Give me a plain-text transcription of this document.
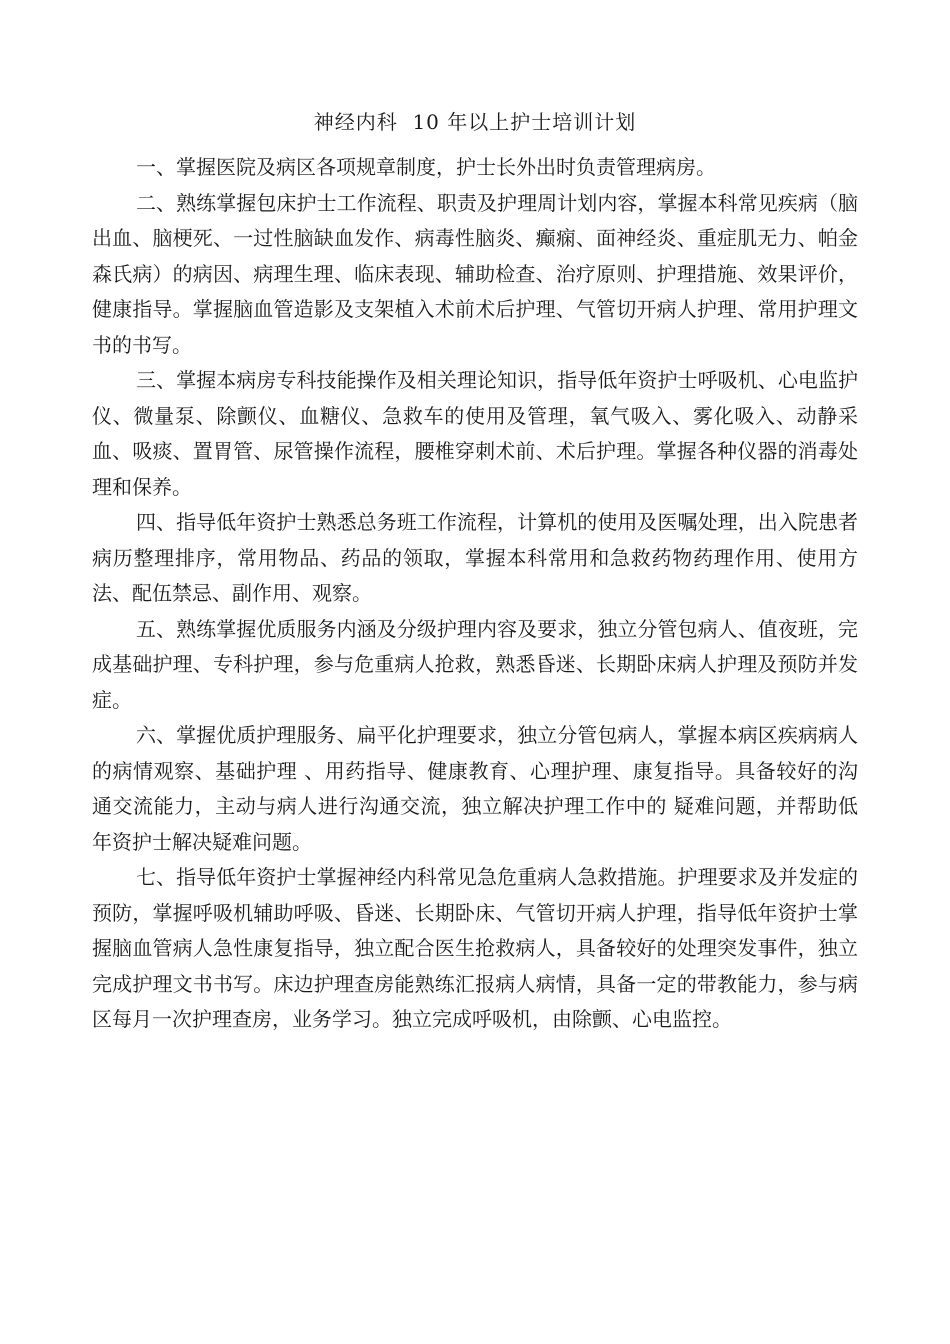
神经内科  10 年以上护士培训计划

一、掌握医院及病区各项规章制度，护士长外出时负责管理病房。

二、熟练掌握包床护士工作流程、职责及护理周计划内容，掌握本科常见疾病（脑出血、脑梗死、一过性脑缺血发作、病毒性脑炎、癫痫、面神经炎、重症肌无力、帕金森氏病）的病因、病理生理、临床表现、辅助检查、治疗原则、护理措施、效果评价，健康指导。掌握脑血管造影及支架植入术前术后护理、气管切开病人护理、常用护理文书的书写。

三、掌握本病房专科技能操作及相关理论知识，指导低年资护士呼吸机、心电监护仪、微量泵、除颤仪、血糖仪、急救车的使用及管理，氧气吸入、雾化吸入、动静采血、吸痰、置胃管、尿管操作流程，腰椎穿刺术前、术后护理。掌握各种仪器的消毒处理和保养。

四、指导低年资护士熟悉总务班工作流程，计算机的使用及医嘱处理，出入院患者病历整理排序，常用物品、药品的领取，掌握本科常用和急救药物药理作用、使用方法、配伍禁忌、副作用、观察。

五、熟练掌握优质服务内涵及分级护理内容及要求，独立分管包病人、值夜班，完成基础护理、专科护理，参与危重病人抢救，熟悉昏迷、长期卧床病人护理及预防并发症。

六、掌握优质护理服务、扁平化护理要求，独立分管包病人，掌握本病区疾病病人的病情观察、基础护理 、用药指导、健康教育、心理护理、康复指导。具备较好的沟通交流能力，主动与病人进行沟通交流，独立解决护理工作中的 疑难问题，并帮助低年资护士解决疑难问题。

七、指导低年资护士掌握神经内科常见急危重病人急救措施。护理要求及并发症的预防，掌握呼吸机辅助呼吸、昏迷、长期卧床、气管切开病人护理，指导低年资护士掌握脑血管病人急性康复指导，独立配合医生抢救病人，具备较好的处理突发事件，独立完成护理文书书写。床边护理查房能熟练汇报病人病情，具备一定的带教能力，参与病区每月一次护理查房，业务学习。独立完成呼吸机，由除颤、心电监控。
